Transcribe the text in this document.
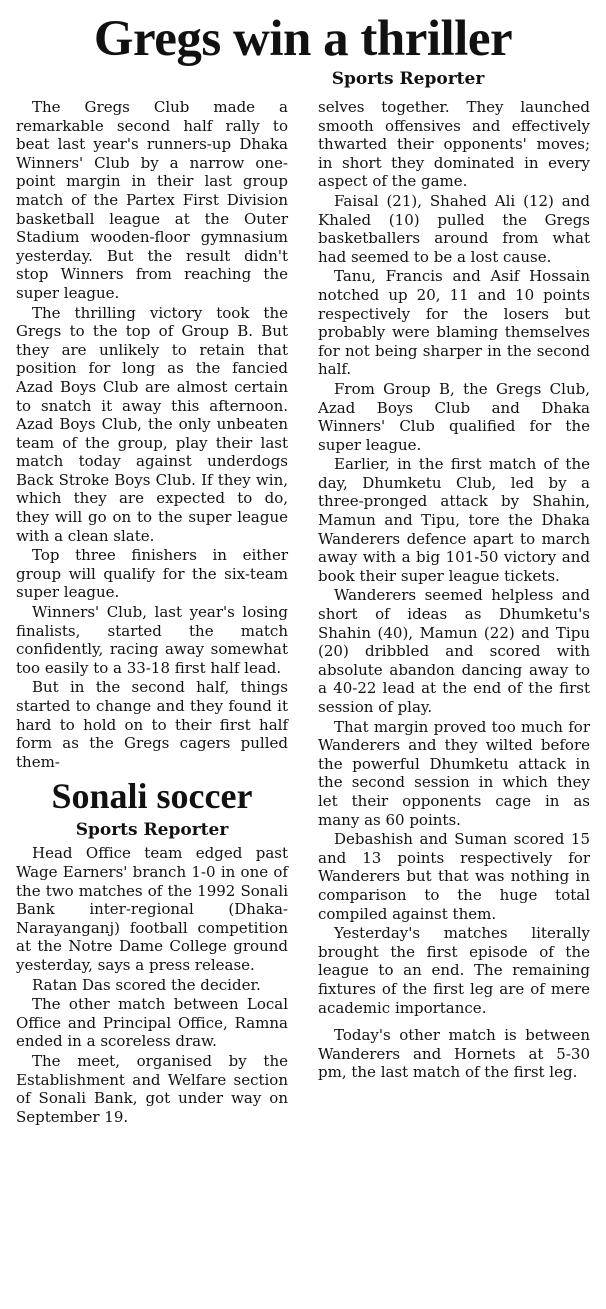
Gregs win a thriller
Sports Reporter

The Gregs Club made a remarkable second half rally to beat last year's runners-up Dhaka Winners' Club by a narrow one-point margin in their last group match of the Partex First Division basketball league at the Outer Stadium wooden-floor gymnasium yesterday. But the result didn't stop Winners from reaching the super league.

The thrilling victory took the Gregs to the top of Group B. But they are unlikely to retain that position for long as the fancied Azad Boys Club are almost certain to snatch it away this afternoon. Azad Boys Club, the only unbeaten team of the group, play their last match today against underdogs Back Stroke Boys Club. If they win, which they are expected to do, they will go on to the super league with a clean slate.

Top three finishers in either group will qualify for the six-team super league.

Winners' Club, last year's losing finalists, started the match confidently, racing away somewhat too easily to a 33-18 first half lead.

But in the second half, things started to change and they found it hard to hold on to their first half form as the Gregs cagers pulled them-

Sonali soccer
Sports Reporter

Head Office team edged past Wage Earners' branch 1-0 in one of the two matches of the 1992 Sonali Bank inter-regional (Dhaka-Narayanganj) football competition at the Notre Dame College ground yesterday, says a press release.

Ratan Das scored the decider.

The other match between Local Office and Principal Office, Ramna ended in a scoreless draw.

The meet, organised by the Establishment and Welfare section of Sonali Bank, got under way on September 19.

selves together. They launched smooth offensives and effectively thwarted their opponents' moves; in short they dominated in every aspect of the game.

Faisal (21), Shahed Ali (12) and Khaled (10) pulled the Gregs basketballers around from what had seemed to be a lost cause.

Tanu, Francis and Asif Hossain notched up 20, 11 and 10 points respectively for the losers but probably were blaming themselves for not being sharper in the second half.

From Group B, the Gregs Club, Azad Boys Club and Dhaka Winners' Club qualified for the super league.

Earlier, in the first match of the day, Dhumketu Club, led by a three-pronged attack by Shahin, Mamun and Tipu, tore the Dhaka Wanderers defence apart to march away with a big 101-50 victory and book their super league tickets.

Wanderers seemed helpless and short of ideas as Dhumketu's Shahin (40), Mamun (22) and Tipu (20) dribbled and scored with absolute abandon dancing away to a 40-22 lead at the end of the first session of play.

That margin proved too much for Wanderers and they wilted before the powerful Dhumketu attack in the second session in which they let their opponents cage in as many as 60 points.

Debashish and Suman scored 15 and 13 points respectively for Wanderers but that was nothing in comparison to the huge total compiled against them.

Yesterday's matches literally brought the first episode of the league to an end. The remaining fixtures of the first leg are of mere academic importance.

Today's other match is between Wanderers and Hornets at 5-30 pm, the last match of the first leg.
